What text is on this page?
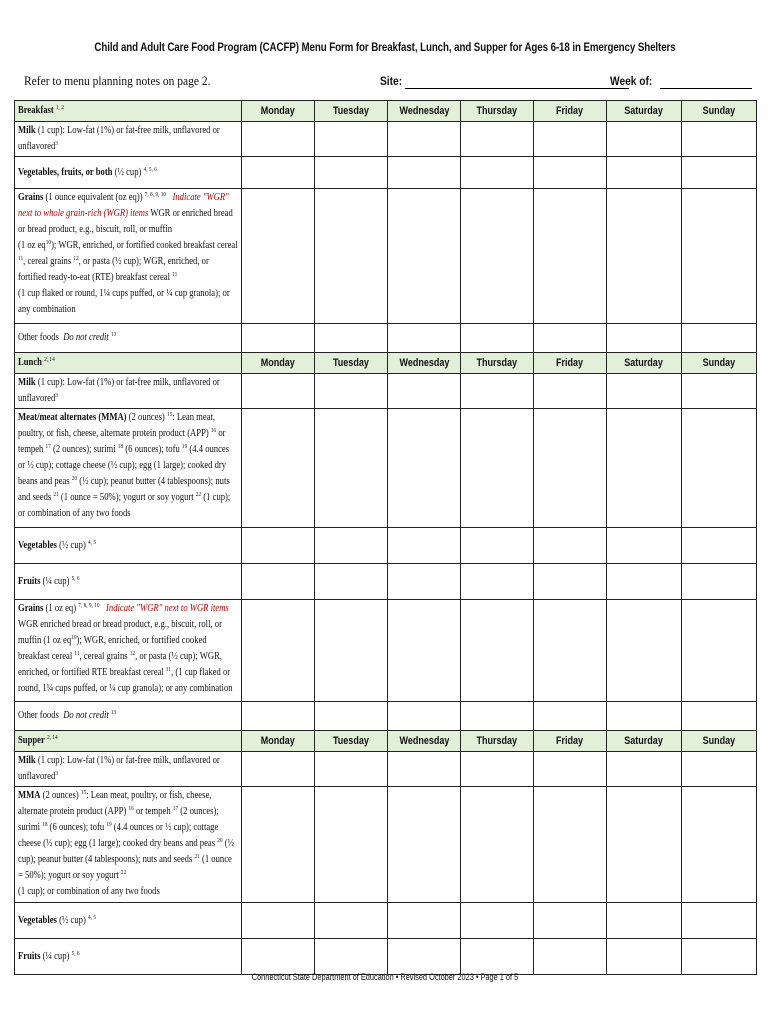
Child and Adult Care Food Program (CACFP) Menu Form for Breakfast, Lunch, and Supper for Ages 6-18 in Emergency Shelters
Refer to menu planning notes on page 2.	Site:	Week of:
Breakfast $^{1, 2}$	Monday	Tuesday	Wednesday	Thursday	Friday	Saturday	Sunday

Milk (1 cup): Low-fat (1%) or fat-free milk, unflavored or unflavored$^3$

Vegetables, fruits, or both (½ cup) $^{4, 5, 6}$

Grains (1 ounce equivalent (oz eq)) $^{7, 8, 9, 10}$ Indicate "WGR" next to whole grain-rich (WGR) items WGR or enriched bread or bread product, e.g., biscuit, roll, or muffin
(1 oz $eq^{10}$); WGR, enriched, or fortified cooked breakfast cereal $^{11}$, cereal grains $^{12}$, or pasta (½ cup); WGR, enriched, or fortified ready-to-eat (RTE) breakfast cereal $^{11}$
(1 cup flaked or round, 1¼ cups puffed, or ¼ cup granola); or any combination							

Other foods Do not credit $^{13}$

Lunch $^{2, 14}$	Monday	Tuesday	Wednesday	Thursday	Friday	Saturday	Sunday

Milk (1 cup): Low-fat (1%) or fat-free milk, unflavored or unflavored$^3$

Meat/meat alternates (MMA) (2 ounces) $^{15}$: Lean meat, poultry, or fish, cheese, alternate protein product (APP) $^{16}$ or tempeh $^{17}$ (2 ounces); surimi $^{18}$ (6 ounces); tofu $^{19}$ (4.4 ounces or ½ cup); cottage cheese (½ cup); egg (1 large); cooked dry beans and peas $^{20}$ (½ cup); peanut butter (4 tablespoons); nuts and seeds $^{21}$ (1 ounce = 50%); yogurt or soy yogurt $^{22}$ (1 cup); or combination of any two foods							

Vegetables (½ cup) $^{4, 5}$

Fruits (¼ cup) $^{5, 6}$

Grains (1 oz eq) $^{7, 8, 9, 10}$ Indicate "WGR" next to WGR items
WGR enriched bread or bread product, e.g., biscuit, roll, or muffin (1 oz $eq^{10}$); WGR, enriched, or fortified cooked breakfast cereal $^{11}$, cereal grains $^{12}$, or pasta (½ cup); WGR, enriched, or fortified RTE breakfast cereal $^{11}$, (1 cup flaked or round, 1¼ cups puffed, or ¼ cup granola); or any combination							

Other foods Do not credit $^{13}$

Supper $^{2, 14}$	Monday	Tuesday	Wednesday	Thursday	Friday	Saturday	Sunday

Milk (1 cup): Low-fat (1%) or fat-free milk, unflavored or unflavored$^3$

MMA (2 ounces) $^{15}$: Lean meat, poultry, or fish, cheese, alternate protein product (APP) $^{16}$ or tempeh $^{17}$ (2 ounces); surimi $^{18}$ (6 ounces); tofu $^{19}$ (4.4 ounces or ½ cup); cottage cheese (½ cup); egg (1 large); cooked dry beans and peas $^{20}$ (½ cup); peanut butter (4 tablespoons); nuts and seeds $^{21}$ (1 ounce = 50%); yogurt or soy yogurt $^{22}$
(1 cup); or combination of any two foods							

Vegetables (½ cup) $^{4, 5}$

Fruits (¼ cup) $^{5, 6}$

Connecticut State Department of Education • Revised October 2023 • Page 1 of 5
